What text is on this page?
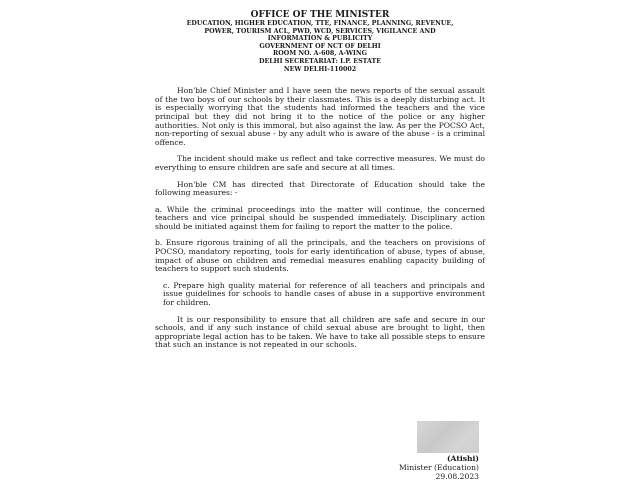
OFFICE OF THE MINISTER
EDUCATION, HIGHER EDUCATION, TTE, FINANCE, PLANNING, REVENUE,
POWER, TOURISM ACL, PWD, WCD, SERVICES, VIGILANCE AND
INFORMATION & PUBLICITY
GOVERNMENT OF NCT OF DELHI
ROOM NO. A-608, A-WING
DELHI SECRETARIAT: I.P. ESTATE
NEW DELHI-110002

Hon'ble Chief Minister and I have seen the news reports of the sexual assault of the two boys of our schools by their classmates. This is a deeply disturbing act. It is especially worrying that the students had informed the teachers and the vice principal but they did not bring it to the notice of the police or any higher authorities. Not only is this immoral, but also against the law. As per the POCSO Act, non-reporting of sexual abuse - by any adult who is aware of the abuse - is a criminal offence.

The incident should make us reflect and take corrective measures. We must do everything to ensure children are safe and secure at all times.

Hon'ble CM has directed that Directorate of Education should take the following measures: -

a. While the criminal proceedings into the matter will continue, the concerned teachers and vice principal should be suspended immediately. Disciplinary action should be initiated against them for failing to report the matter to the police.

b. Ensure rigorous training of all the principals, and the teachers on provisions of POCSO, mandatory reporting, tools for early identification of abuse, types of abuse, impact of abuse on children and remedial measures enabling capacity building of teachers to support such students.

c. Prepare high quality material for reference of all teachers and principals and issue guidelines for schools to handle cases of abuse in a supportive environment for children.

It is our responsibility to ensure that all children are safe and secure in our schools, and if any such instance of child sexual abuse are brought to light, then appropriate legal action has to be taken. We have to take all possible steps to ensure that such an instance is not repeated in our schools.

(Atishi)
Minister (Education)
29.08.2023
